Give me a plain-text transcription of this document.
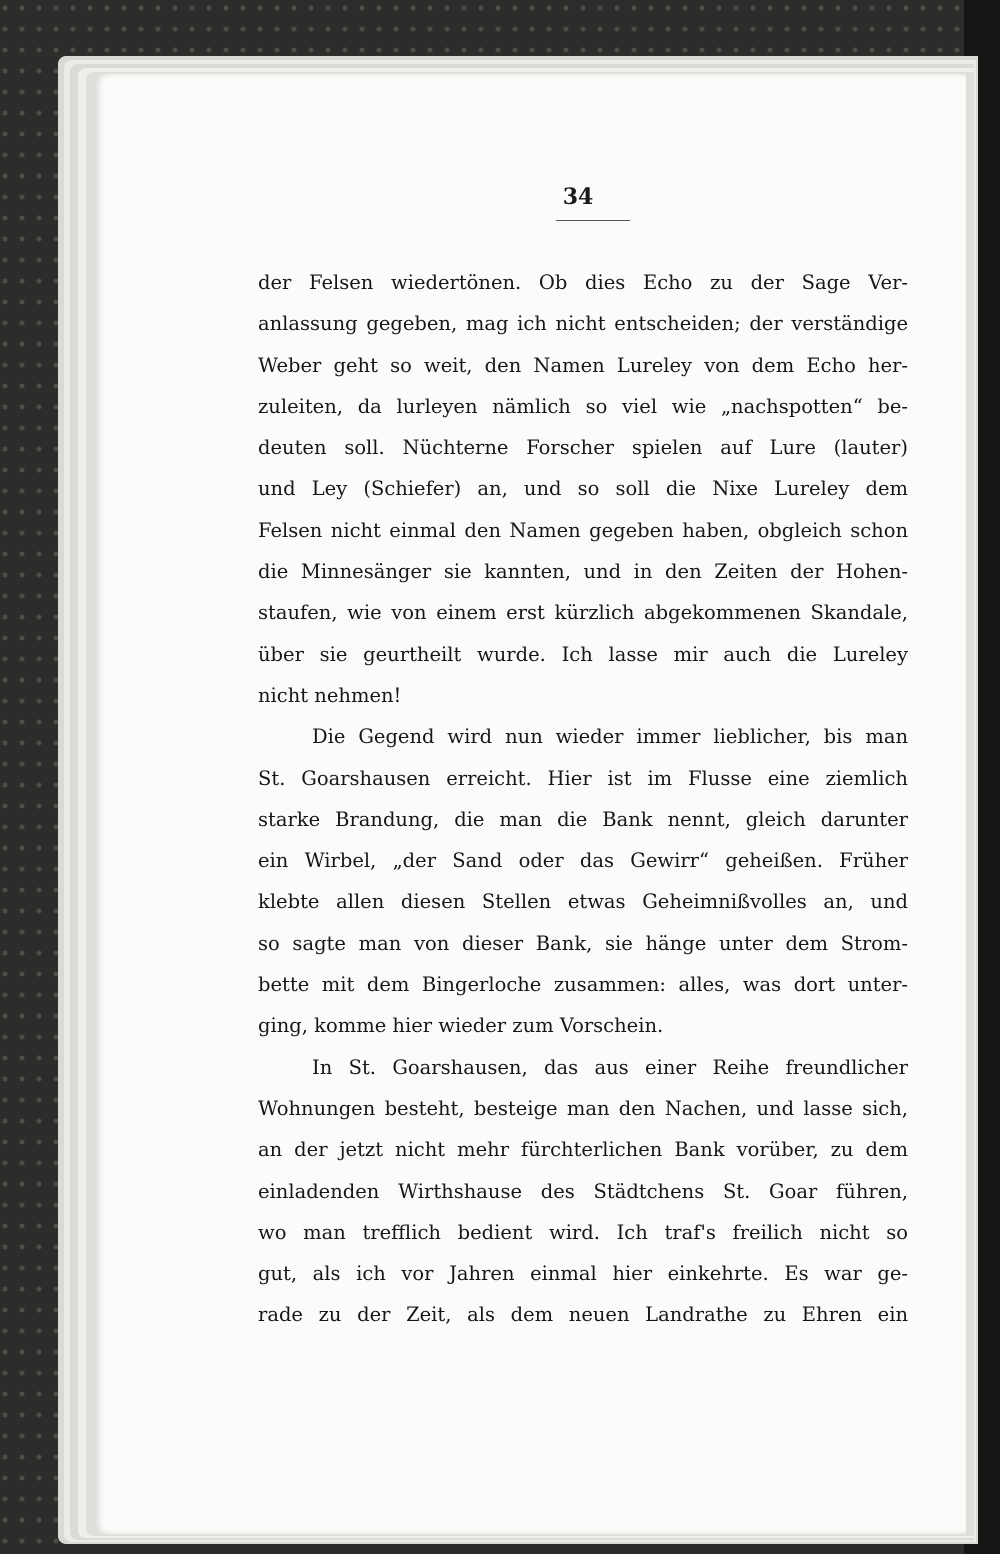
34
der Felsen wiedertönen. Ob dies Echo zu der Sage Ver-
anlassung gegeben, mag ich nicht entscheiden; der verständige
Weber geht so weit, den Namen Lureley von dem Echo her-
zuleiten, da lurleyen nämlich so viel wie „nachspotten“ be-
deuten soll. Nüchterne Forscher spielen auf Lure (lauter)
und Ley (Schiefer) an, und so soll die Nixe Lureley dem
Felsen nicht einmal den Namen gegeben haben, obgleich schon
die Minnesänger sie kannten, und in den Zeiten der Hohen-
staufen, wie von einem erst kürzlich abgekommenen Skandale,
über sie geurtheilt wurde. Ich lasse mir auch die Lureley
nicht nehmen!
Die Gegend wird nun wieder immer lieblicher, bis man
St. Goarshausen erreicht. Hier ist im Flusse eine ziemlich
starke Brandung, die man die Bank nennt, gleich darunter
ein Wirbel, „der Sand oder das Gewirr“ geheißen. Früher
klebte allen diesen Stellen etwas Geheimnißvolles an, und
so sagte man von dieser Bank, sie hänge unter dem Strom-
bette mit dem Bingerloche zusammen: alles, was dort unter-
ging, komme hier wieder zum Vorschein.
In St. Goarshausen, das aus einer Reihe freundlicher
Wohnungen besteht, besteige man den Nachen, und lasse sich,
an der jetzt nicht mehr fürchterlichen Bank vorüber, zu dem
einladenden Wirthshause des Städtchens St. Goar führen,
wo man trefflich bedient wird. Ich traf's freilich nicht so
gut, als ich vor Jahren einmal hier einkehrte. Es war ge-
rade zu der Zeit, als dem neuen Landrathe zu Ehren ein
